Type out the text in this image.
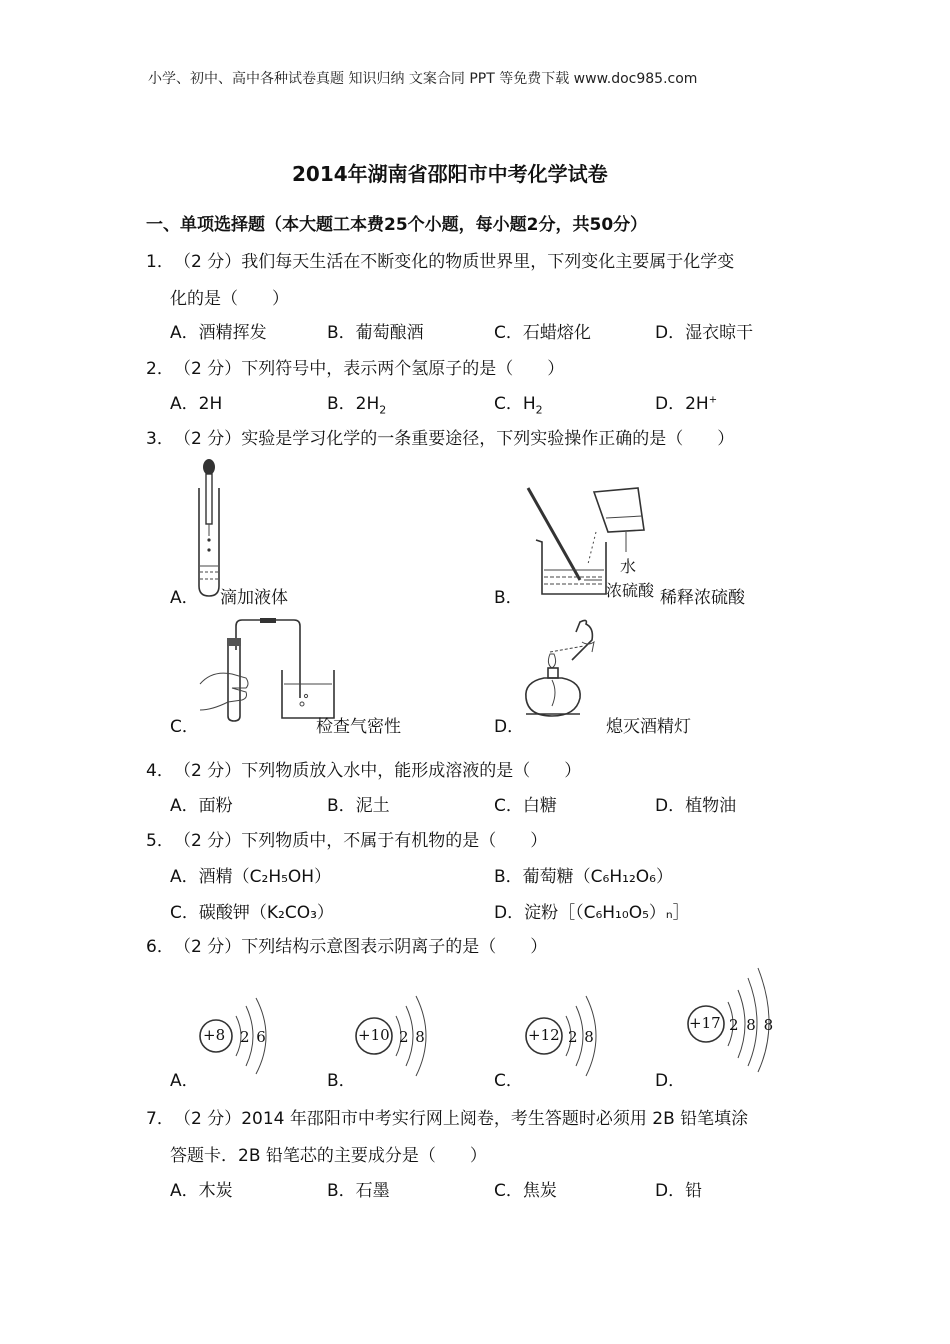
小学、初中、高中各种试卷真题 知识归纳 文案合同 PPT 等免费下载 www.doc985.com
2014年湖南省邵阳市中考化学试卷
一、单项选择题（本大题工本费25个小题，每小题2分，共50分）
1． （2 分）我们每天生活在不断变化的物质世界里，下列变化主要属于化学变
化的是（　　）
A．酒精挥发	B．葡萄酿酒	C．石蜡熔化	D．湿衣晾干
2． （2 分）下列符号中，表示两个氢原子的是（　　）
A．2H	B．$2H_2$	C．$H_2$	D．2H+
3． （2 分）实验是学习化学的一条重要途径，下列实验操作正确的是（　　）
A． 滴加液体	B．
水
浓硫酸 稀释浓硫酸
C．	检查气密性	D．	熄灭酒精灯
4． （2 分）下列物质放入水中，能形成溶液的是（　　）
A．面粉	B．泥土	C．白糖	D．植物油
5． （2 分）下列物质中，不属于有机物的是（　　）
A．酒精（C₂H₅OH）	B．葡萄糖（C₆H₁₂O₆）
C．碳酸钾（K₂CO₃）	D．淀粉［（C₆H₁₀O₅）ₙ］
6． （2 分）下列结构示意图表示阴离子的是（　　）
A．
+8 2 6
B．
+10 2 8
C．
+12 2 8
D．
+17 2 8 8
7． （2 分）2014 年邵阳市中考实行网上阅卷，考生答题时必须用 2B 铅笔填涂
答题卡．2B 铅笔芯的主要成分是（　　）
A．木炭	B．石墨	C．焦炭	D．铅
